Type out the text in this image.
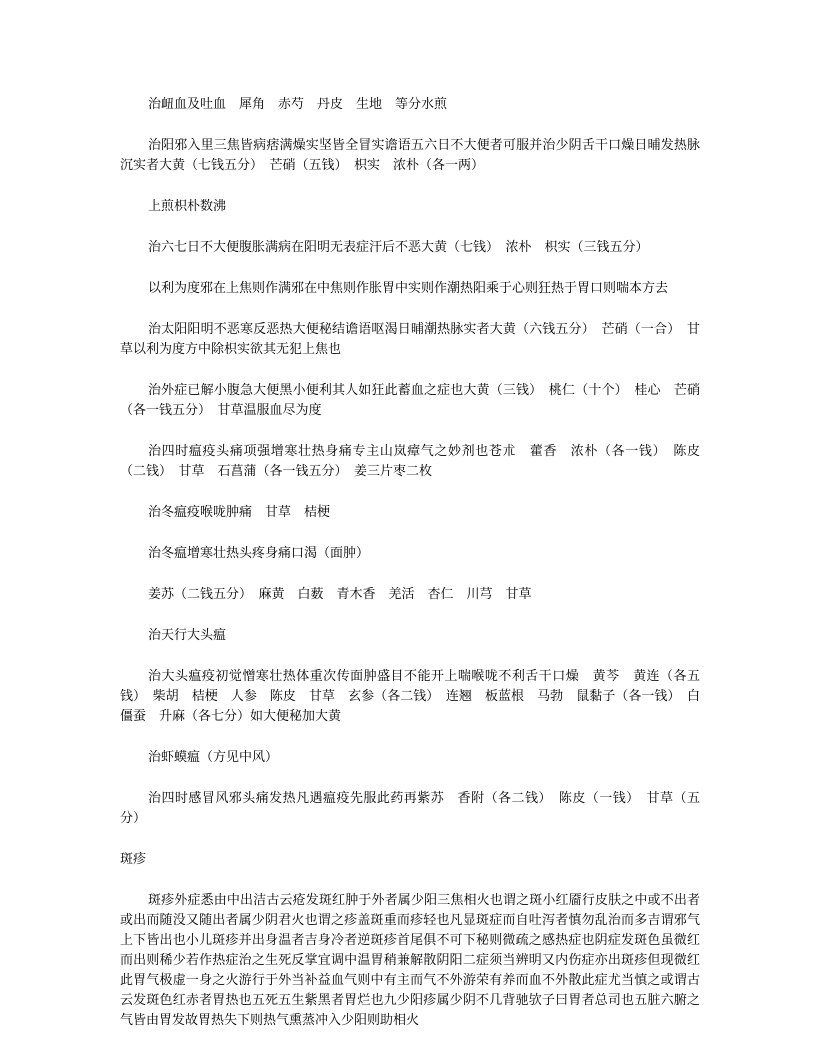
治衄血及吐血　犀角　赤芍　丹皮　生地　等分水煎

治阳邪入里三焦皆病痞满燥实坚皆全冒实谵语五六日不大便者可服并治少阴舌干口燥日晡发热脉沉实者大黄（七钱五分）　芒硝（五钱）　枳实　浓朴（各一两）

上煎枳朴数沸

治六七日不大便腹胀满病在阳明无表症汗后不恶大黄（七钱）　浓朴　枳实（三钱五分）

以利为度邪在上焦则作满邪在中焦则作胀胃中实则作潮热阳乘于心则狂热于胃口则喘本方去

治太阳阳明不恶寒反恶热大便秘结谵语呕渴日晡潮热脉实者大黄（六钱五分）　芒硝（一合）　甘草以利为度方中除枳实欲其无犯上焦也

治外症已解小腹急大便黑小便利其人如狂此蓄血之症也大黄（三钱）　桃仁（十个）　桂心　芒硝（各一钱五分）　甘草温服血尽为度

治四时瘟疫头痛项强增寒壮热身痛专主山岚瘴气之妙剂也苍朮　藿香　浓朴（各一钱）　陈皮（二钱）　甘草　石菖蒲（各一钱五分）　姜三片枣二枚

治冬瘟疫喉咙肿痛　甘草　桔梗

治冬瘟增寒壮热头疼身痛口渴（面肿）

姜苏（二钱五分）　麻黄　白薮　青木香　羌活　杏仁　川芎　甘草

治天行大头瘟

治大头瘟疫初觉憎寒壮热体重次传面肿盛目不能开上喘喉咙不利舌干口燥　黄芩　黄连（各五钱）　柴胡　桔梗　人参　陈皮　甘草　玄参（各二钱）　连翘　板蓝根　马勃　鼠黏子（各一钱）　白僵蚕　升麻（各七分）如大便秘加大黄

治虾蟆瘟（方见中风）

治四时感冒风邪头痛发热凡遇瘟疫先服此药再紫苏　香附（各二钱）　陈皮（一钱）　甘草（五分）

斑疹

斑疹外症悉由中出洁古云疮发斑红肿于外者属少阳三焦相火也谓之斑小红靥行皮肤之中或不出者或出而随没又随出者属少阴君火也谓之疹盖斑重而疹轻也凡显斑症而自吐泻者慎勿乱治而多吉谓邪气上下皆出也小儿斑疹并出身温者吉身冷者逆斑疹首尾俱不可下秘则微疏之感热症也阴症发斑色虽微红而出则稀少若作热症治之生死反掌宜调中温胃稍兼解散阴阳二症须当辨明又内伤症亦出斑疹但现微红此胃气极虚一身之火游行于外当补益血气则中有主而气不外游荣有养而血不外散此症尤当慎之或谓古云发斑色红赤者胃热也五死五生紫黑者胃烂也九少阳疹属少阴不几背驰欤子曰胃者总司也五脏六腑之气皆由胃发故胃热失下则热气熏蒸冲入少阳则助相火
